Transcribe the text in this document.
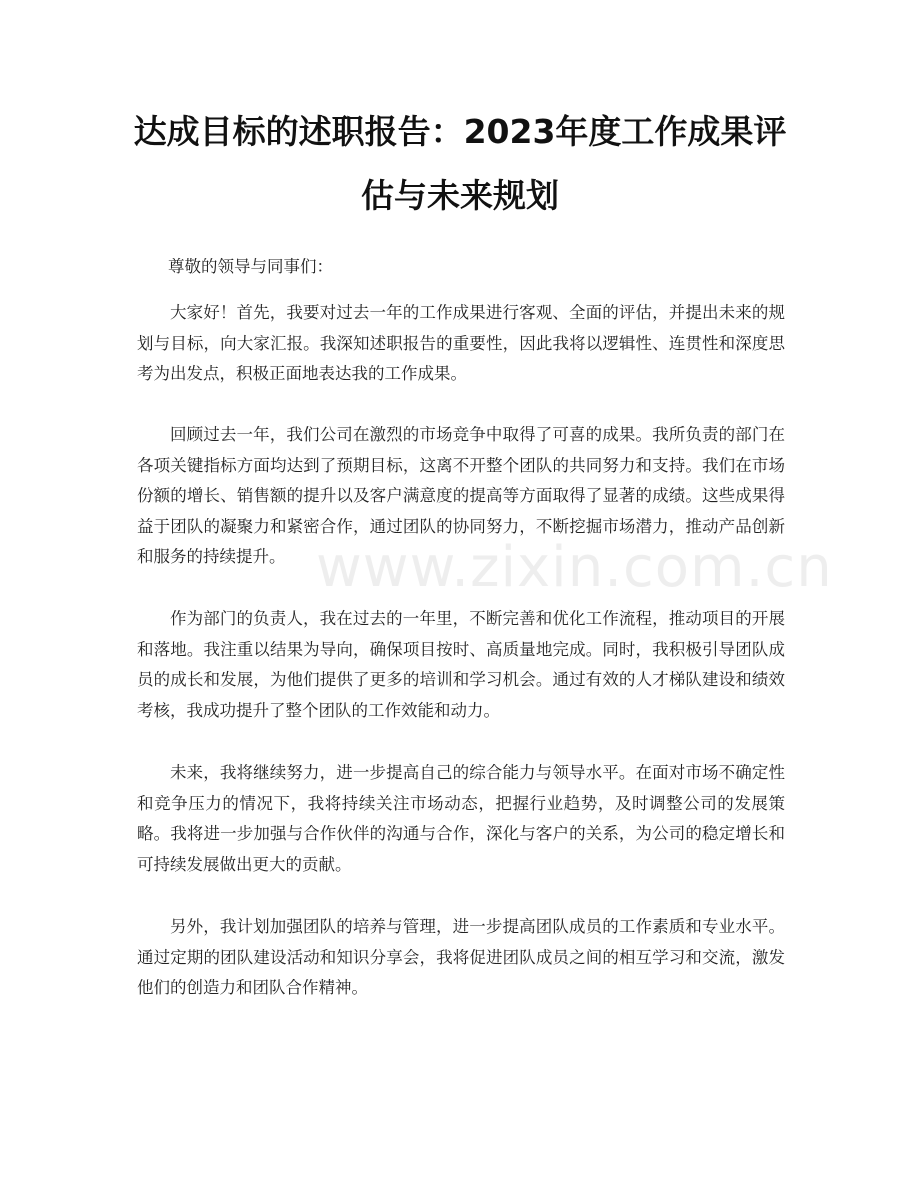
达成目标的述职报告：2023年度工作成果评估与未来规划

尊敬的领导与同事们：

大家好！首先，我要对过去一年的工作成果进行客观、全面的评估，并提出未来的规划与目标，向大家汇报。我深知述职报告的重要性，因此我将以逻辑性、连贯性和深度思考为出发点，积极正面地表达我的工作成果。

回顾过去一年，我们公司在激烈的市场竞争中取得了可喜的成果。我所负责的部门在各项关键指标方面均达到了预期目标，这离不开整个团队的共同努力和支持。我们在市场份额的增长、销售额的提升以及客户满意度的提高等方面取得了显著的成绩。这些成果得益于团队的凝聚力和紧密合作，通过团队的协同努力，不断挖掘市场潜力，推动产品创新和服务的持续提升。

作为部门的负责人，我在过去的一年里，不断完善和优化工作流程，推动项目的开展和落地。我注重以结果为导向，确保项目按时、高质量地完成。同时，我积极引导团队成员的成长和发展，为他们提供了更多的培训和学习机会。通过有效的人才梯队建设和绩效考核，我成功提升了整个团队的工作效能和动力。

未来，我将继续努力，进一步提高自己的综合能力与领导水平。在面对市场不确定性和竞争压力的情况下，我将持续关注市场动态，把握行业趋势，及时调整公司的发展策略。我将进一步加强与合作伙伴的沟通与合作，深化与客户的关系，为公司的稳定增长和可持续发展做出更大的贡献。

另外，我计划加强团队的培养与管理，进一步提高团队成员的工作素质和专业水平。通过定期的团队建设活动和知识分享会，我将促进团队成员之间的相互学习和交流，激发他们的创造力和团队合作精神。

www.zixin.com.cn
